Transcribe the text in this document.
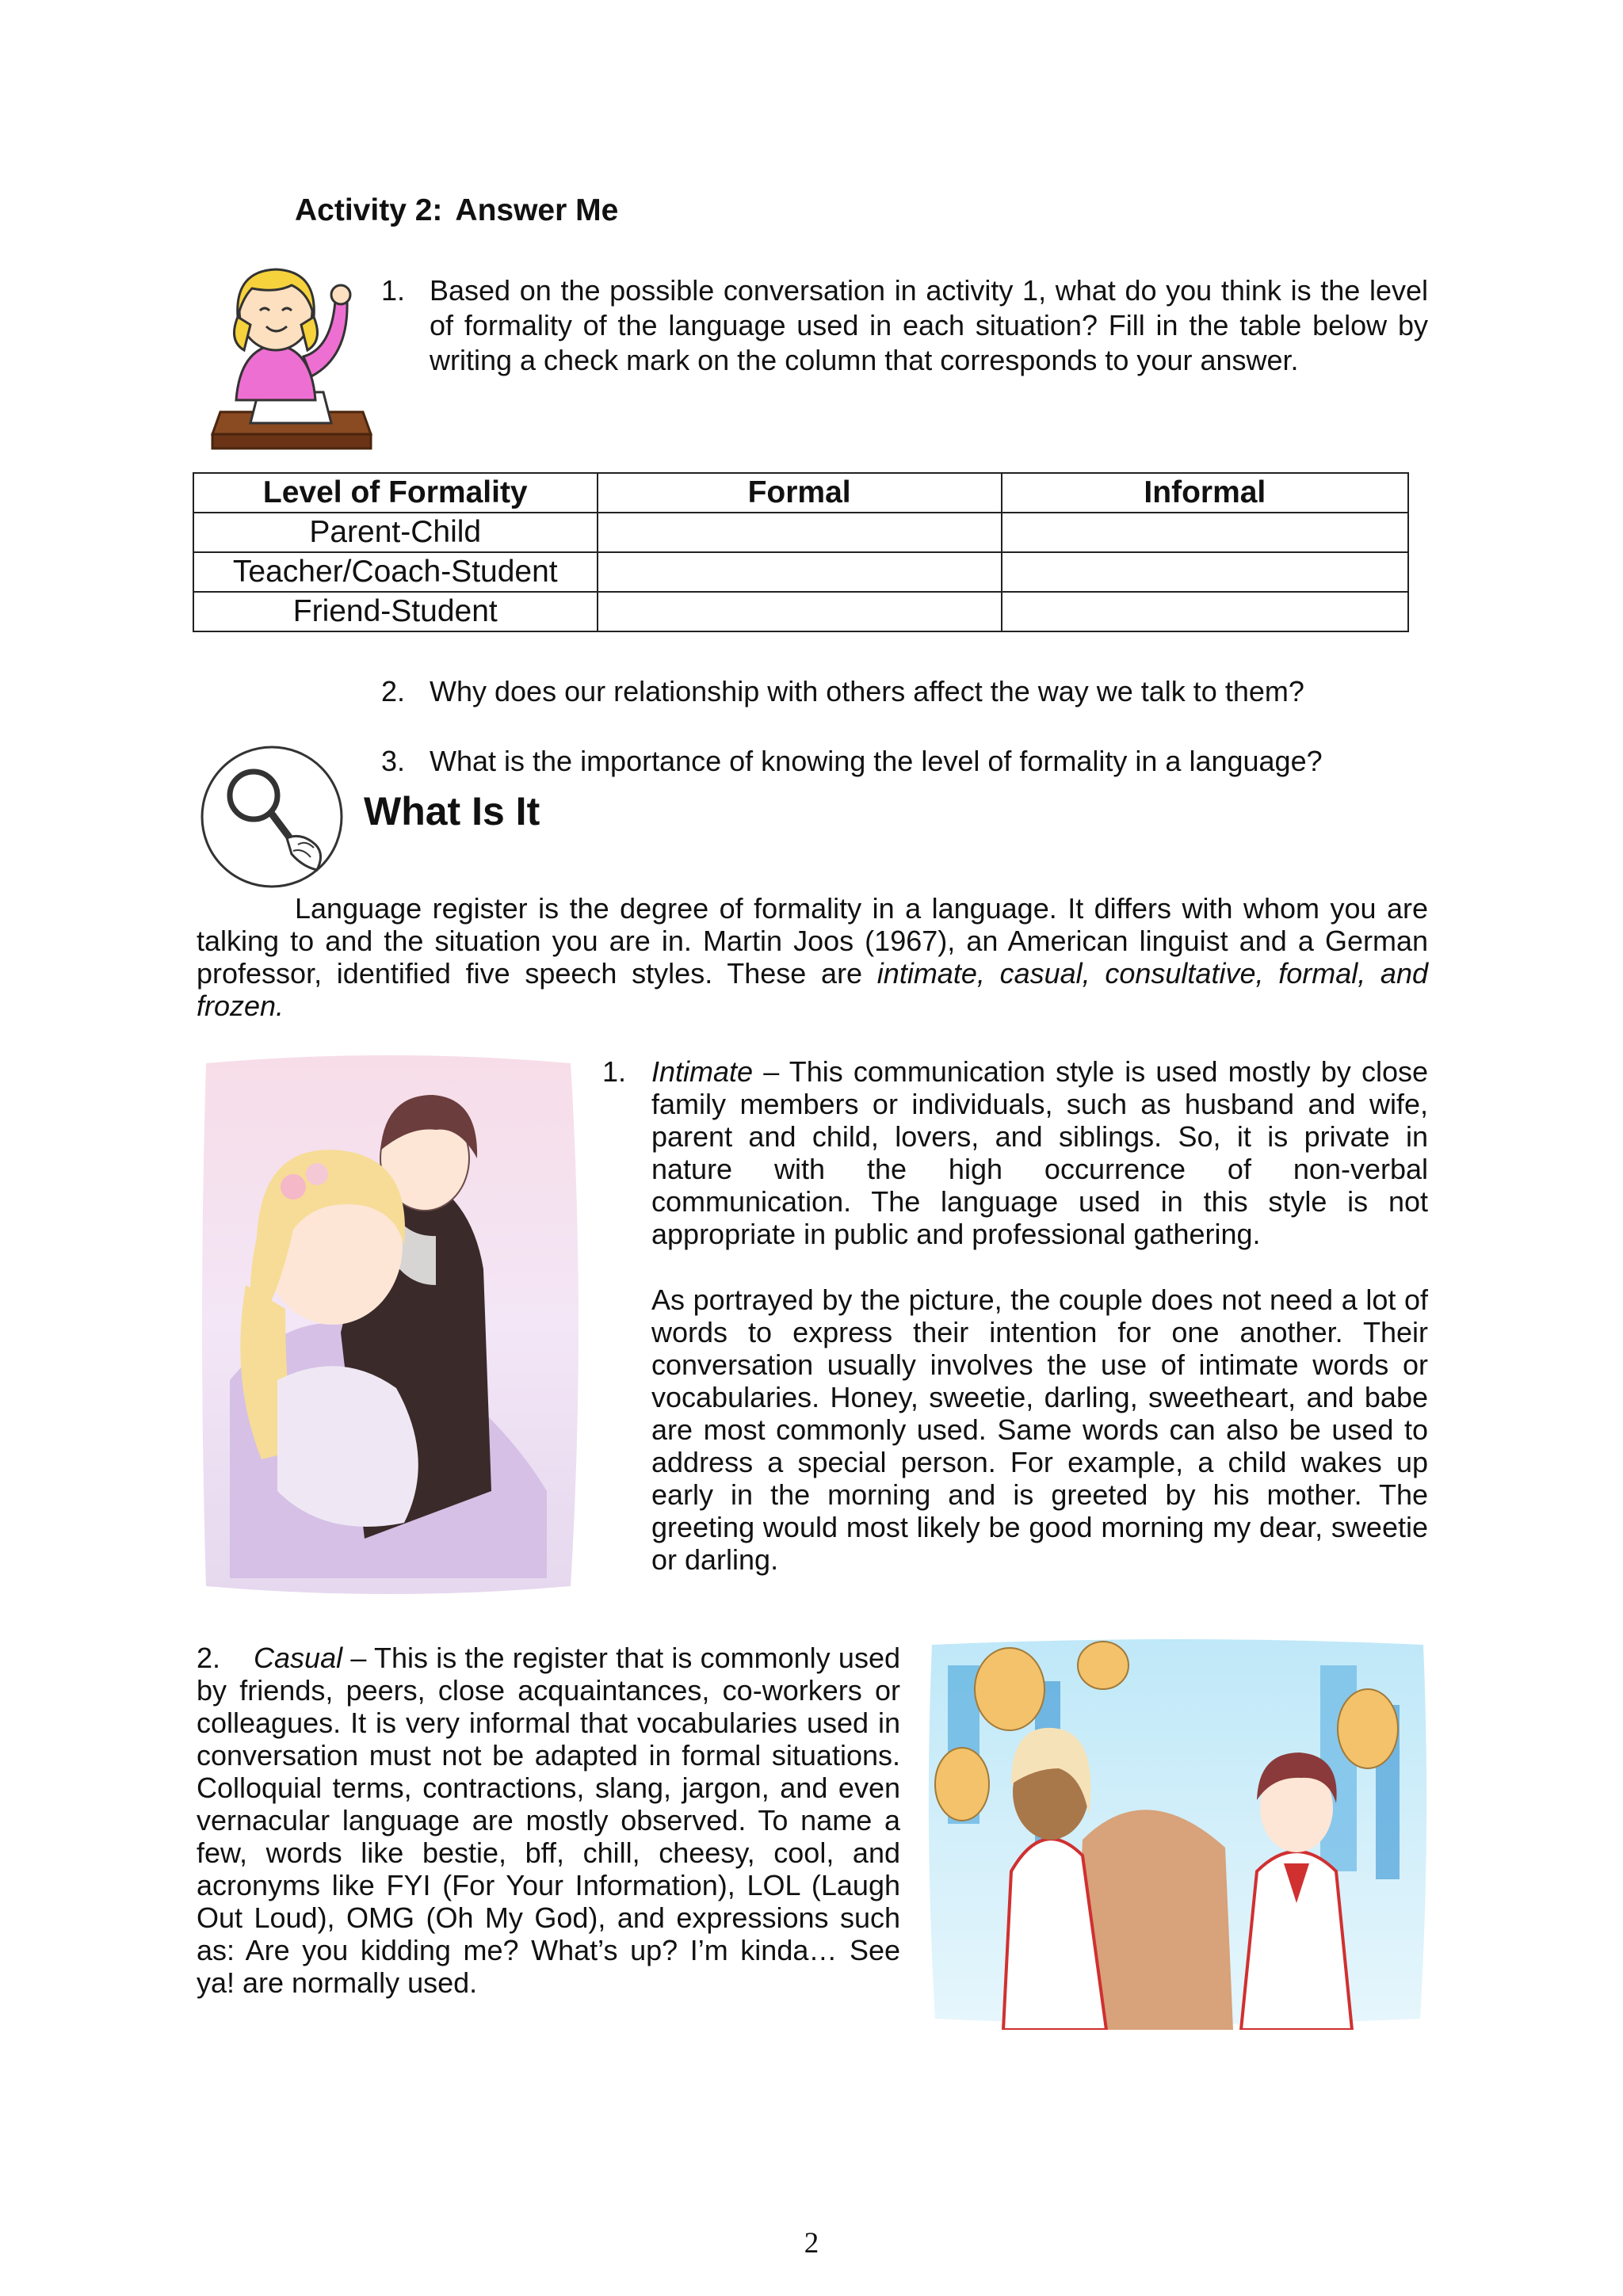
Activity 2: Answer Me
1. Based on the possible conversation in activity 1, what do you think is the level of formality of the language used in each situation? Fill in the table below by writing a check mark on the column that corresponds to your answer.
Level of Formality	Formal	Informal
Parent-Child		
Teacher/Coach-Student		
Friend-Student		
2. Why does our relationship with others affect the way we talk to them?
3. What is the importance of knowing the level of formality in a language?
What Is It

Language register is the degree of formality in a language. It differs with whom you are talking to and the situation you are in. Martin Joos (1967), an American linguist and a German professor, identified five speech styles. These are intimate, casual, consultative, formal, and frozen.

1. Intimate – This communication style is used mostly by close family members or individuals, such as husband and wife, parent and child, lovers, and siblings. So, it is private in nature with the high occurrence of non-verbal communication. The language used in this style is not appropriate in public and professional gathering.

As portrayed by the picture, the couple does not need a lot of words to express their intention for one another. Their conversation usually involves the use of intimate words or vocabularies. Honey, sweetie, darling, sweetheart, and babe are most commonly used. Same words can also be used to address a special person. For example, a child wakes up early in the morning and is greeted by his mother. The greeting would most likely be good morning my dear, sweetie or darling.

2. Casual – This is the register that is commonly used by friends, peers, close acquaintances, co-workers or colleagues. It is very informal that vocabularies used in conversation must not be adapted in formal situations. Colloquial terms, contractions, slang, jargon, and even vernacular language are mostly observed. To name a few, words like bestie, bff, chill, cheesy, cool, and acronyms like FYI (For Your Information), LOL (Laugh Out Loud), OMG (Oh My God), and expressions such as: Are you kidding me? What’s up? I’m kinda… See ya! are normally used.

2
